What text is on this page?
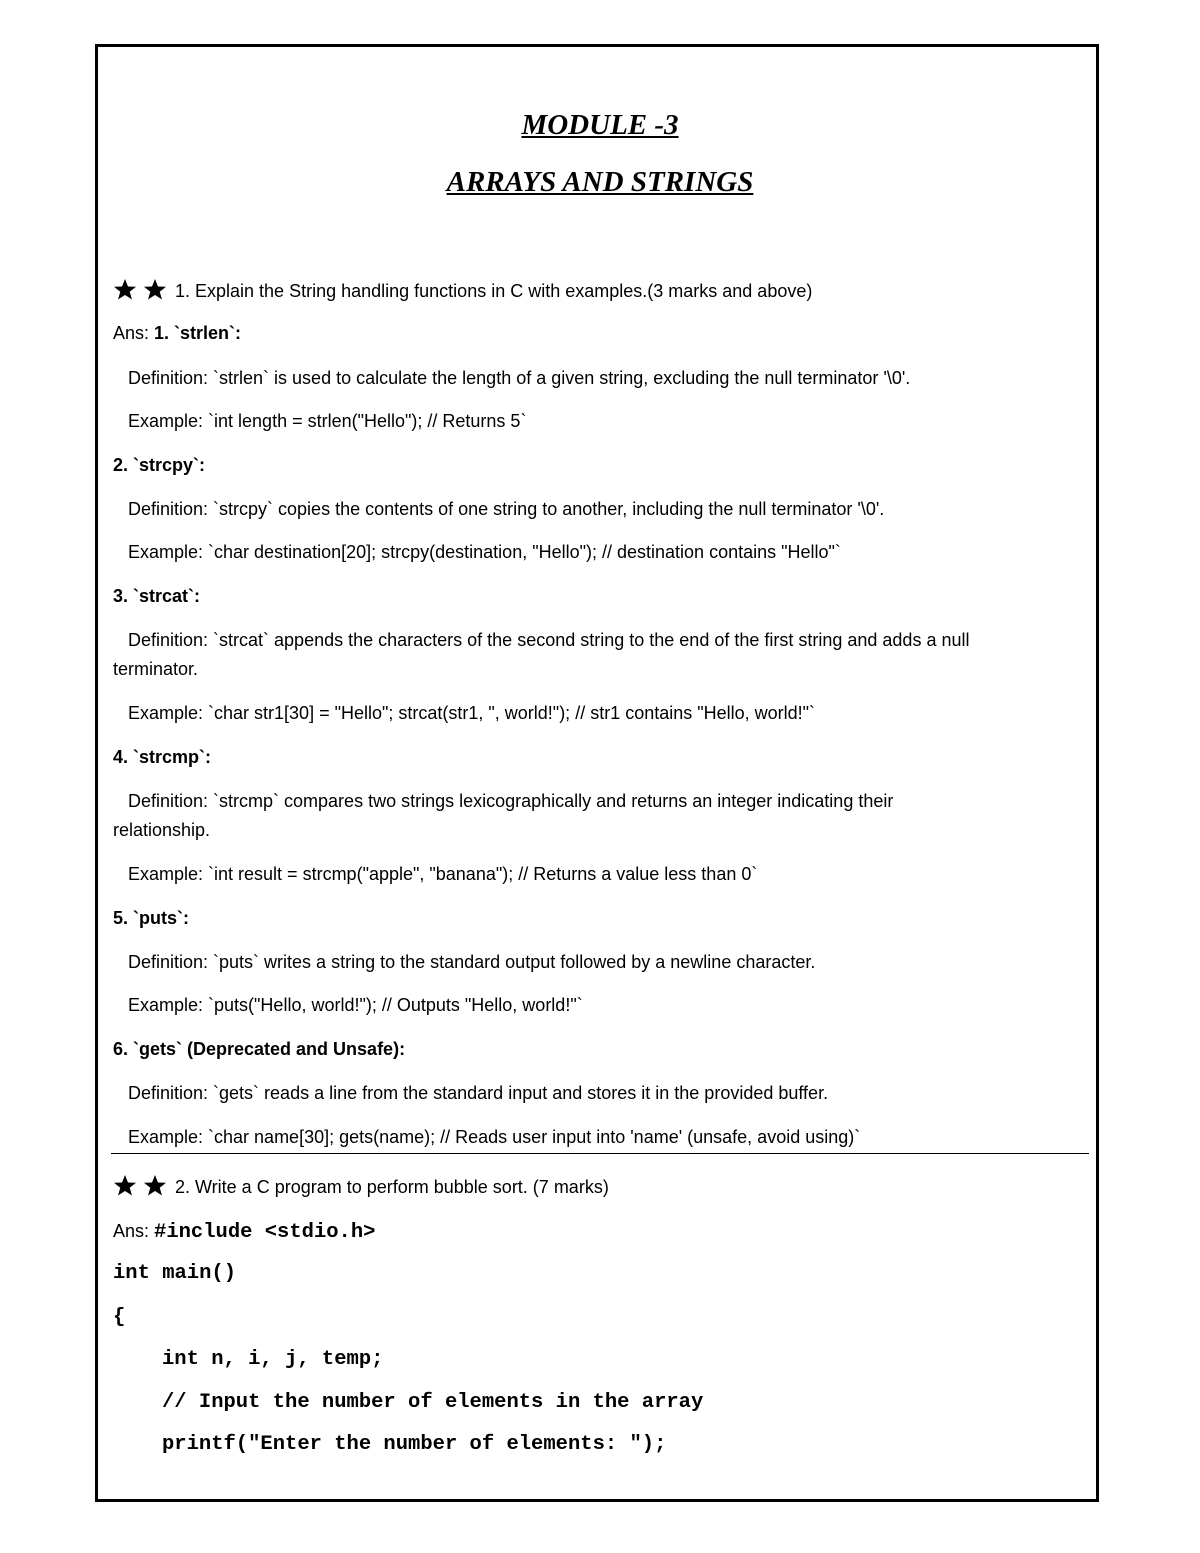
MODULE -3
ARRAYS AND STRINGS
1. Explain the String handling functions in C with examples.(3 marks and above)
Ans: 1. `strlen`:
Definition: `strlen` is used to calculate the length of a given string, excluding the null terminator '\0'.
Example: `int length = strlen("Hello"); // Returns 5`
2. `strcpy`:
Definition: `strcpy` copies the contents of one string to another, including the null terminator '\0'.
Example: `char destination[20]; strcpy(destination, "Hello"); // destination contains "Hello"`
3. `strcat`:
Definition: `strcat` appends the characters of the second string to the end of the first string and adds a null
terminator.
Example: `char str1[30] = "Hello"; strcat(str1, ", world!"); // str1 contains "Hello, world!"`
4. `strcmp`:
Definition: `strcmp` compares two strings lexicographically and returns an integer indicating their
relationship.
Example: `int result = strcmp("apple", "banana"); // Returns a value less than 0`
5. `puts`:
Definition: `puts` writes a string to the standard output followed by a newline character.
Example: `puts("Hello, world!"); // Outputs "Hello, world!"`
6. `gets` (Deprecated and Unsafe):
Definition: `gets` reads a line from the standard input and stores it in the provided buffer.
Example: `char name[30]; gets(name); // Reads user input into 'name' (unsafe, avoid using)`
2. Write a C program to perform bubble sort. (7 marks)
Ans: #include <stdio.h>
int main()
{
int n, i, j, temp;
// Input the number of elements in the array
printf("Enter the number of elements: ");
